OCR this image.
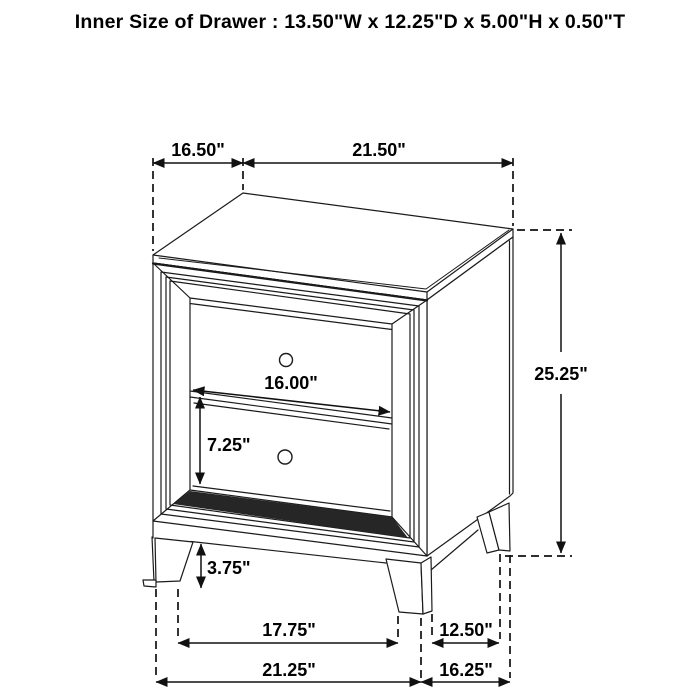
Inner Size of Drawer : 13.50"W x 12.25"D x 5.00"H x 0.50"T
16.50"	21.50"
25.25"
16.00"
7.25"
3.75"
17.75"	12.50"
21.25"	16.25"
